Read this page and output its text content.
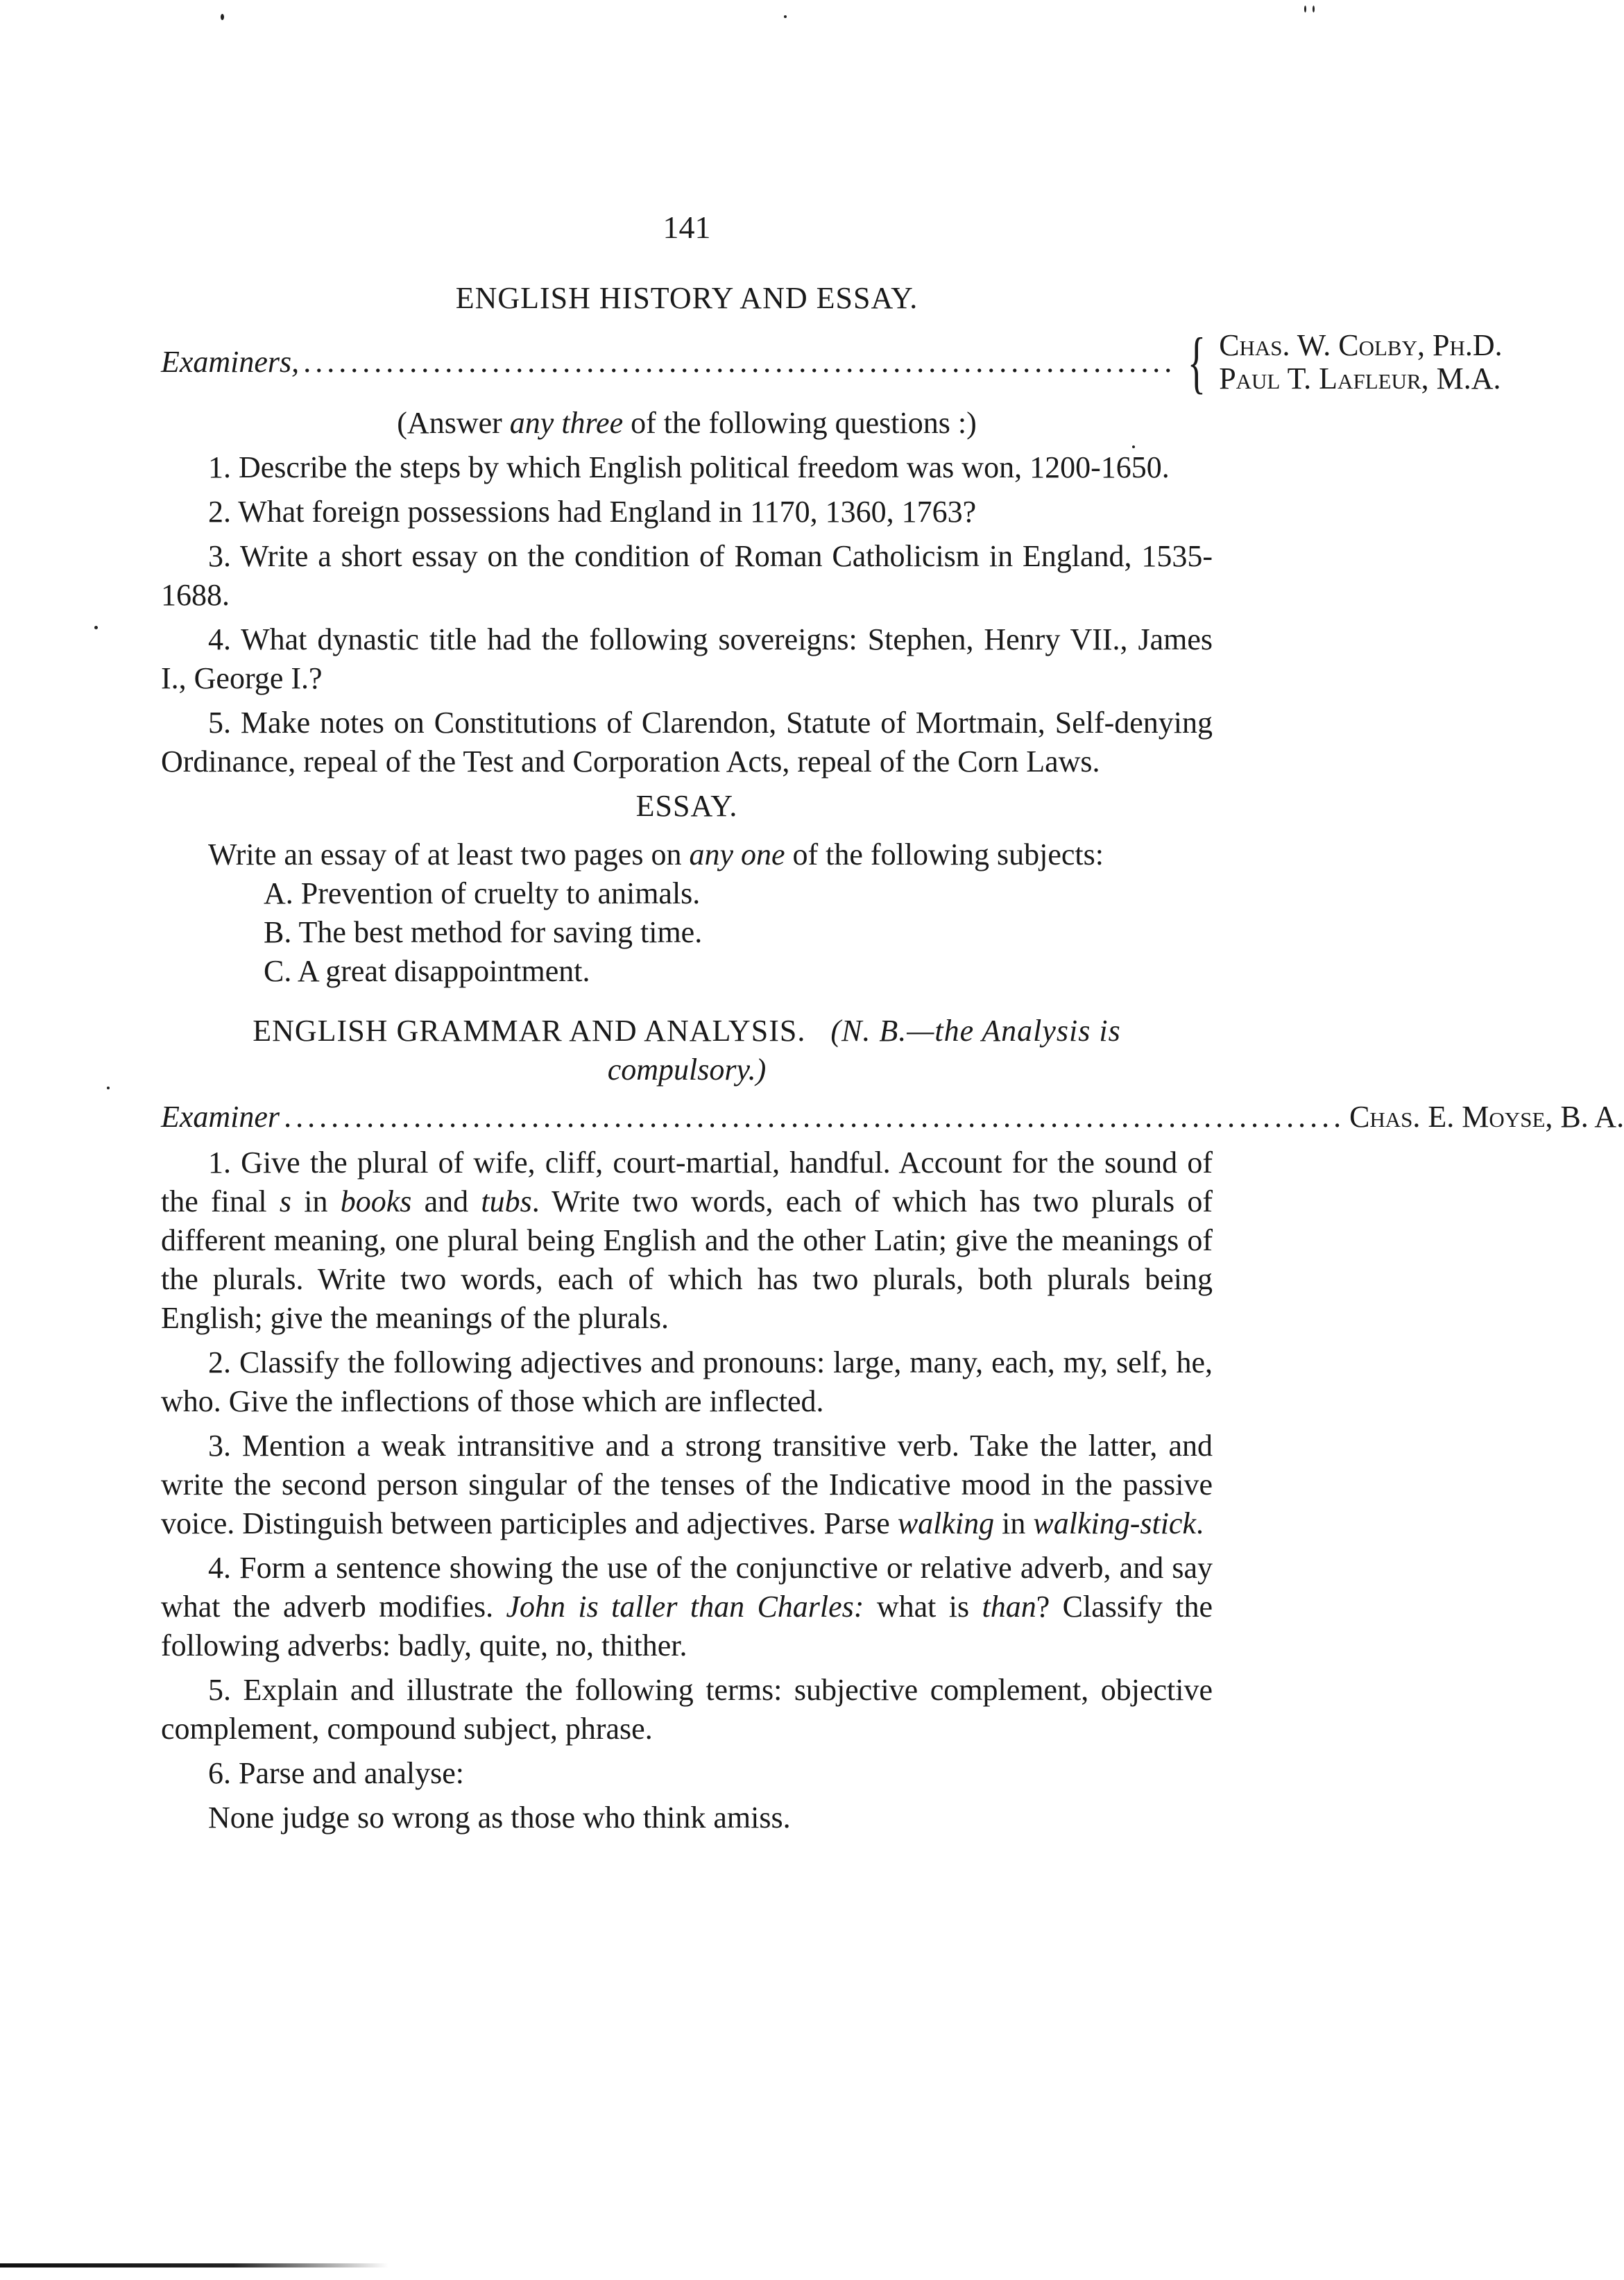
141
ENGLISH HISTORY AND ESSAY.
Examiners, .......................................................................... { Chas. W. Colby, Ph.D.
Paul T. Lafleur, M.A.
(Answer any three of the following questions :)
1. Describe the steps by which English political freedom was won, 1200-1650.
2. What foreign possessions had England in 1170, 1360, 1763?
3. Write a short essay on the condition of Roman Catholicism in England, 1535-1688.
4. What dynastic title had the following sovereigns: Stephen, Henry VII., James I., George I.?
5. Make notes on Constitutions of Clarendon, Statute of Mortmain, Self-denying Ordinance, repeal of the Test and Corporation Acts, repeal of the Corn Laws.
ESSAY.
Write an essay of at least two pages on any one of the following subjects:
A. Prevention of cruelty to animals.
B. The best method for saving time.
C. A great disappointment.
ENGLISH GRAMMAR AND ANALYSIS. (N. B.—the Analysis is
compulsory.)
Examiner .......................................................................................... Chas. E. Moyse, B. A.
1. Give the plural of wife, cliff, court-martial, handful. Account for the sound of the final s in books and tubs. Write two words, each of which has two plurals of different meaning, one plural being English and the other Latin; give the meanings of the plurals. Write two words, each of which has two plurals, both plurals being English; give the meanings of the plurals.
2. Classify the following adjectives and pronouns: large, many, each, my, self, he, who. Give the inflections of those which are inflected.
3. Mention a weak intransitive and a strong transitive verb. Take the latter, and write the second person singular of the tenses of the Indicative mood in the passive voice. Distinguish between participles and adjectives. Parse walking in walking-stick.
4. Form a sentence showing the use of the conjunctive or relative adverb, and say what the adverb modifies. John is taller than Charles: what is than? Classify the following adverbs: badly, quite, no, thither.
5. Explain and illustrate the following terms: subjective complement, objective complement, compound subject, phrase.
6. Parse and analyse:
None judge so wrong as those who think amiss.
